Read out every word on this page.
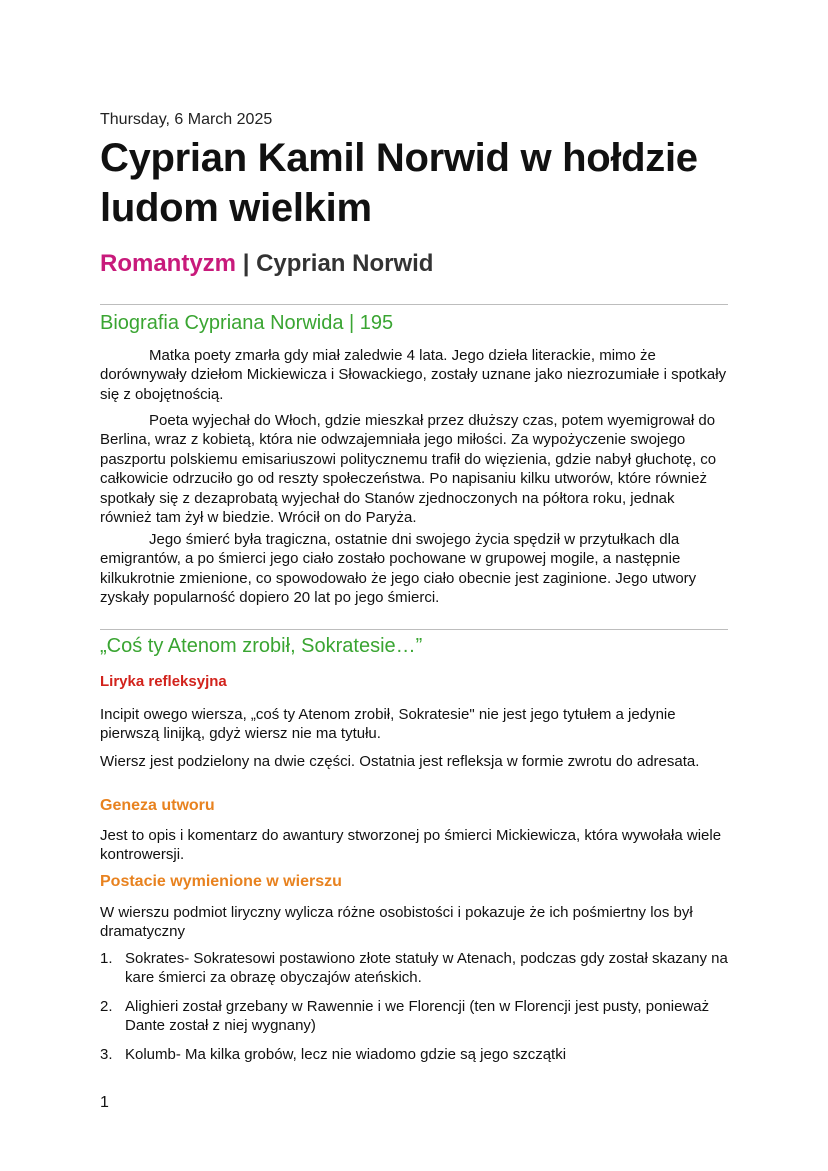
Thursday, 6 March 2025
Cyprian Kamil Norwid w hołdzie ludom wielkim
Romantyzm | Cyprian Norwid
Biografia Cypriana Norwida | 195

Matka poety zmarła gdy miał zaledwie 4 lata. Jego dzieła literackie, mimo że dorównywały dziełom Mickiewicza i Słowackiego, zostały uznane jako niezrozumiałe i spotkały się z obojętnością.

Poeta wyjechał do Włoch, gdzie mieszkał przez dłuższy czas, potem wyemigrował do Berlina, wraz z kobietą, która nie odwzajemniała jego miłości. Za wypożyczenie swojego paszportu polskiemu emisariuszowi politycznemu trafił do więzienia, gdzie nabył głuchotę, co całkowicie odrzuciło go od reszty społeczeństwa. Po napisaniu kilku utworów, które również spotkały się z dezaprobatą wyjechał do Stanów zjednoczonych na półtora roku, jednak również tam żył w biedzie. Wrócił on do Paryża.

Jego śmierć była tragiczna, ostatnie dni swojego życia spędził w przytułkach dla emigrantów, a po śmierci jego ciało zostało pochowane w grupowej mogile, a następnie kilkukrotnie zmienione, co spowodowało że jego ciało obecnie jest zaginione. Jego utwory zyskały popularność dopiero 20 lat po jego śmierci.

„Coś ty Atenom zrobił, Sokratesie…”
Liryka refleksyjna

Incipit owego wiersza, „coś ty Atenom zrobił, Sokratesie" nie jest jego tytułem a jedynie pierwszą linijką, gdyż wiersz nie ma tytułu.

Wiersz jest podzielony na dwie części. Ostatnia jest refleksja w formie zwrotu do adresata.

Geneza utworu

Jest to opis i komentarz do awantury stworzonej po śmierci Mickiewicza, która wywołała wiele kontrowersji.

Postacie wymienione w wierszu

W wierszu podmiot liryczny wylicza różne osobistości i pokazuje że ich pośmiertny los był dramatyczny

1. Sokrates- Sokratesowi postawiono złote statuły w Atenach, podczas gdy został skazany na kare śmierci za obrazę obyczajów ateńskich.
2. Alighieri został grzebany w Rawennie i we Florencji (ten w Florencji jest pusty, ponieważ Dante został z niej wygnany)
3. Kolumb- Ma kilka grobów, lecz nie wiadomo gdzie są jego szczątki
1
